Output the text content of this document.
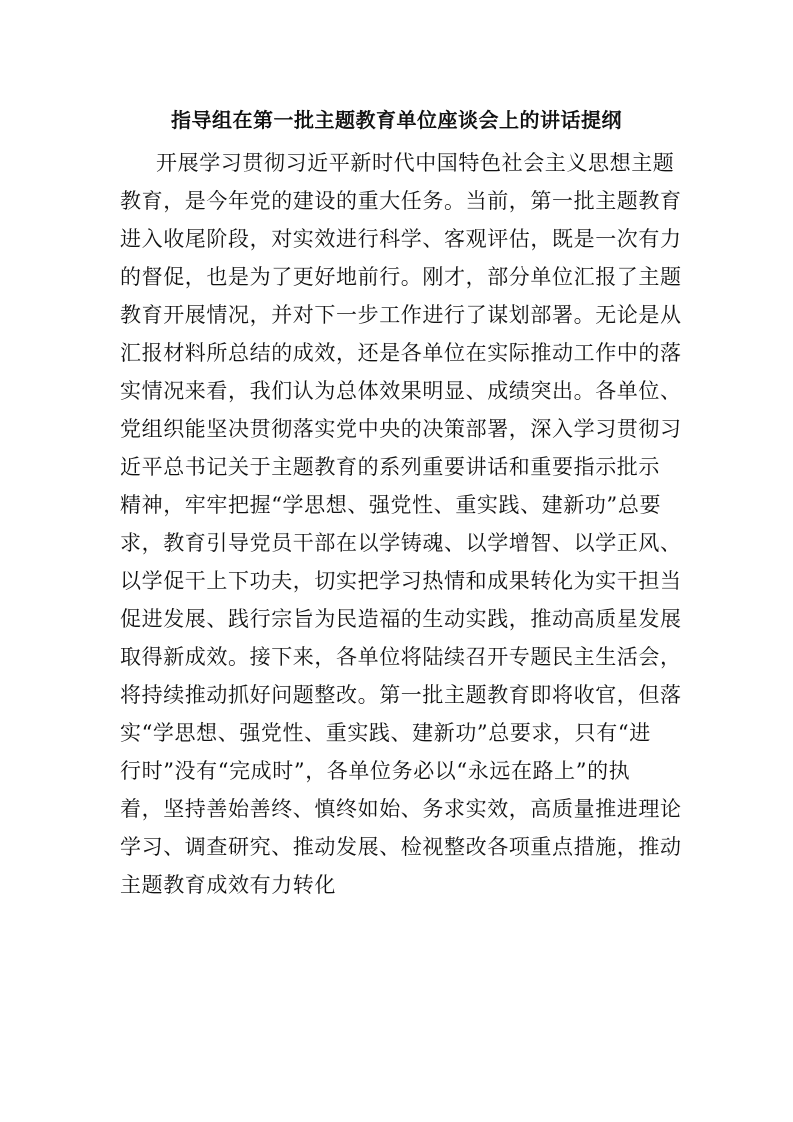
指导组在第一批主题教育单位座谈会上的讲话提纲
开展学习贯彻习近平新时代中国特色社会主义思想主题
教育，是今年党的建设的重大任务。当前，第一批主题教育
进入收尾阶段，对实效进行科学、客观评估，既是一次有力
的督促，也是为了更好地前行。刚才，部分单位汇报了主题
教育开展情况，并对下一步工作进行了谋划部署。无论是从
汇报材料所总结的成效，还是各单位在实际推动工作中的落
实情况来看，我们认为总体效果明显、成绩突出。各单位、
党组织能坚决贯彻落实党中央的决策部署，深入学习贯彻习
近平总书记关于主题教育的系列重要讲话和重要指示批示
精神，牢牢把握“学思想、强党性、重实践、建新功”总要
求，教育引导党员干部在以学铸魂、以学增智、以学正风、
以学促干上下功夫，切实把学习热情和成果转化为实干担当
促进发展、践行宗旨为民造福的生动实践，推动高质星发展
取得新成效。接下来，各单位将陆续召开专题民主生活会，
将持续推动抓好问题整改。第一批主题教育即将收官，但落
实“学思想、强党性、重实践、建新功”总要求，只有“进
行时”没有“完成时”，各单位务必以“永远在路上”的执
着，坚持善始善终、慎终如始、务求实效，高质量推进理论
学习、调查研究、推动发展、检视整改各项重点措施，推动
主题教育成效有力转化
